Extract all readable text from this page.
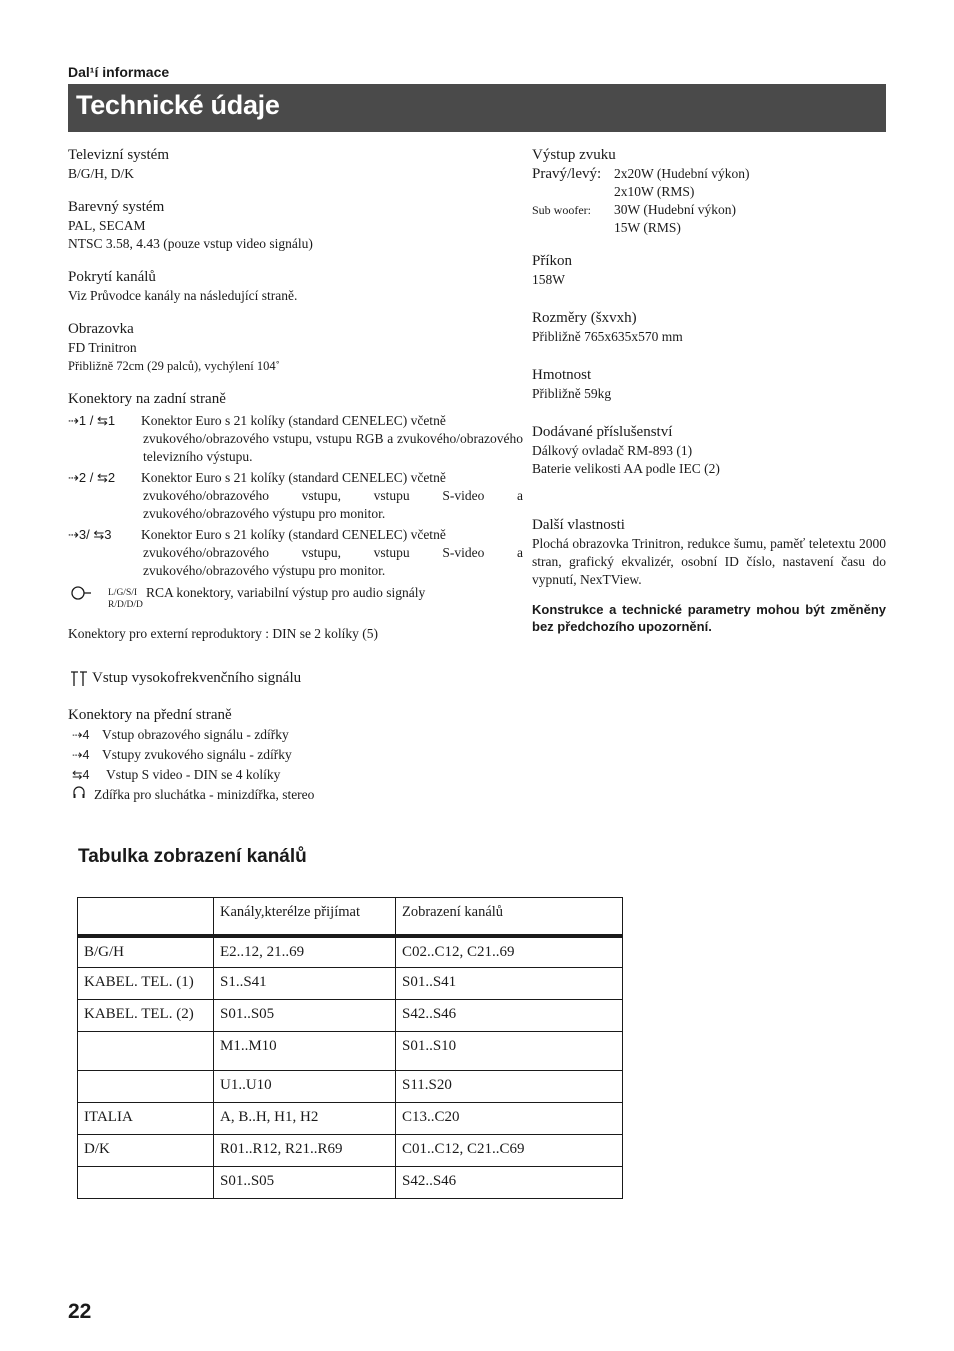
Dal¹í informace
Technické údaje
Televizní systém
B/G/H, D/K
Barevný systém
PAL, SECAM
NTSC 3.58, 4.43 (pouze vstup video signálu)
Pokrytí kanálů
Viz Průvodce kanály na následující straně.
Obrazovka
FD Trinitron
Přibližně 72cm (29 palců), vychýlení 104˚
Konektory na zadní straně
⇢1 / ⇆1	Konektor Euro s 21 kolíky (standard CENELEC) včetně
zvukového/obrazového vstupu, vstupu RGB a zvukového/obrazového televizního výstupu.
⇢2 / ⇆2	Konektor Euro s 21 kolíky (standard CENELEC) včetně
zvukového/obrazového vstupu, vstupu S-video a zvukového/obrazového výstupu pro monitor.
⇢3/ ⇆3	Konektor Euro s 21 kolíky (standard CENELEC) včetně
zvukového/obrazového vstupu, vstupu S-video a zvukového/obrazového výstupu pro monitor.
L/G/S/I R/D/D/D
RCA konektory, variabilní výstup pro audio signály
Konektory pro externí reproduktory : DIN se 2 kolíky (5)
Vstup vysokofrekvenčního signálu
Konektory na přední straně
⇢4 Vstup obrazového signálu - zdířky
⇢4 Vstupy zvukového signálu - zdířky
⇆4	Vstup S video - DIN se 4 kolíky
Zdířka pro sluchátka - minizdířka, stereo
Výstup zvuku
Pravý/levý: 2x20W (Hudební výkon)
2x10W (RMS)
Sub woofer:	30W (Hudební výkon)
15W (RMS)
Příkon
158W
Rozměry (šxvxh)
Přibližně 765x635x570 mm
Hmotnost
Přibližně 59kg
Dodávané příslušenství
Dálkový ovladač RM-893 (1)
Baterie velikosti AA podle IEC (2)
Další vlastnosti
Plochá obrazovka Trinitron, redukce šumu, paměť teletextu 2000 stran, grafický ekvalizér, osobní ID číslo, nastavení času do vypnutí, NexTView.
Konstrukce a technické parametry mohou být změněny bez předchozího upozornění.
Tabulka zobrazení kanálů
	Kanály,kterélze přijímat	Zobrazení kanálů
B/G/H	E2..12, 21..69	C02..C12, C21..69
KABEL. TEL. (1)	S1..S41	S01..S41
KABEL. TEL. (2)	S01..S05	S42..S46
	M1..M10	S01..S10
	U1..U10	S11.S20
ITALIA	A, B..H, H1, H2	C13..C20
D/K	R01..R12, R21..R69	C01..C12, C21..C69
	S01..S05	S42..S46
22
